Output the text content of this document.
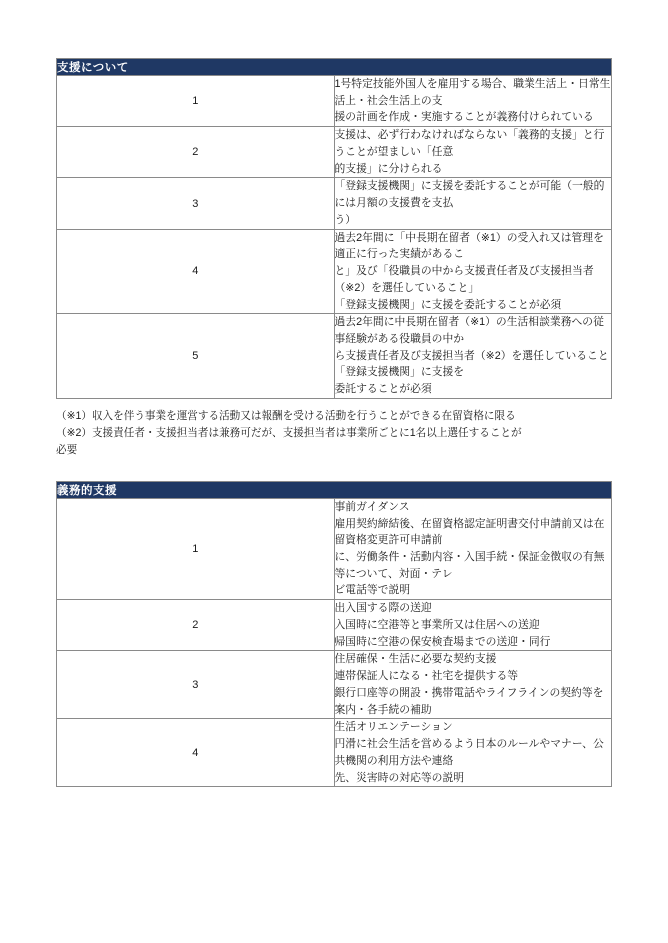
支援について	
1	1号特定技能外国人を雇用する場合、職業生活上・日常生活上・社会生活上の支
援の計画を作成・実施することが義務付けられている

2	支援は、必ず行わなければならない「義務的支援」と行うことが望ましい「任意
的支援」に分けられる

3	「登録支援機関」に支援を委託することが可能（一般的には月額の支援費を支払
う）

4	過去2年間に「中長期在留者（※1）の受入れ又は管理を適正に行った実績があるこ
と」及び「役職員の中から支援責任者及び支援担当者（※2）を選任していること」
「登録支援機関」に支援を委託することが必須

5	過去2年間に中長期在留者（※1）の生活相談業務への従事経験がある役職員の中か
ら支援責任者及び支援担当者（※2）を選任していること「登録支援機関」に支援を
委託することが必須
（※1）収入を伴う事業を運営する活動又は報酬を受ける活動を行うことができる在留資格に限る
（※2）支援責任者・支援担当者は兼務可だが、支援担当者は事業所ごとに1名以上選任することが
必要
義務的支援	
1	事前ガイダンス
雇用契約締結後、在留資格認定証明書交付申請前又は在留資格変更許可申請前
に、労働条件・活動内容・入国手続・保証金徴収の有無等について、対面・テレ
ビ電話等で説明

2	出入国する際の送迎
入国時に空港等と事業所又は住居への送迎
帰国時に空港の保安検査場までの送迎・同行

3	住居確保・生活に必要な契約支援
連帯保証人になる・社宅を提供する等
銀行口座等の開設・携帯電話やライフラインの契約等を案内・各手続の補助

4	生活オリエンテーション
円滑に社会生活を営めるよう日本のルールやマナー、公共機関の利用方法や連絡
先、災害時の対応等の説明
